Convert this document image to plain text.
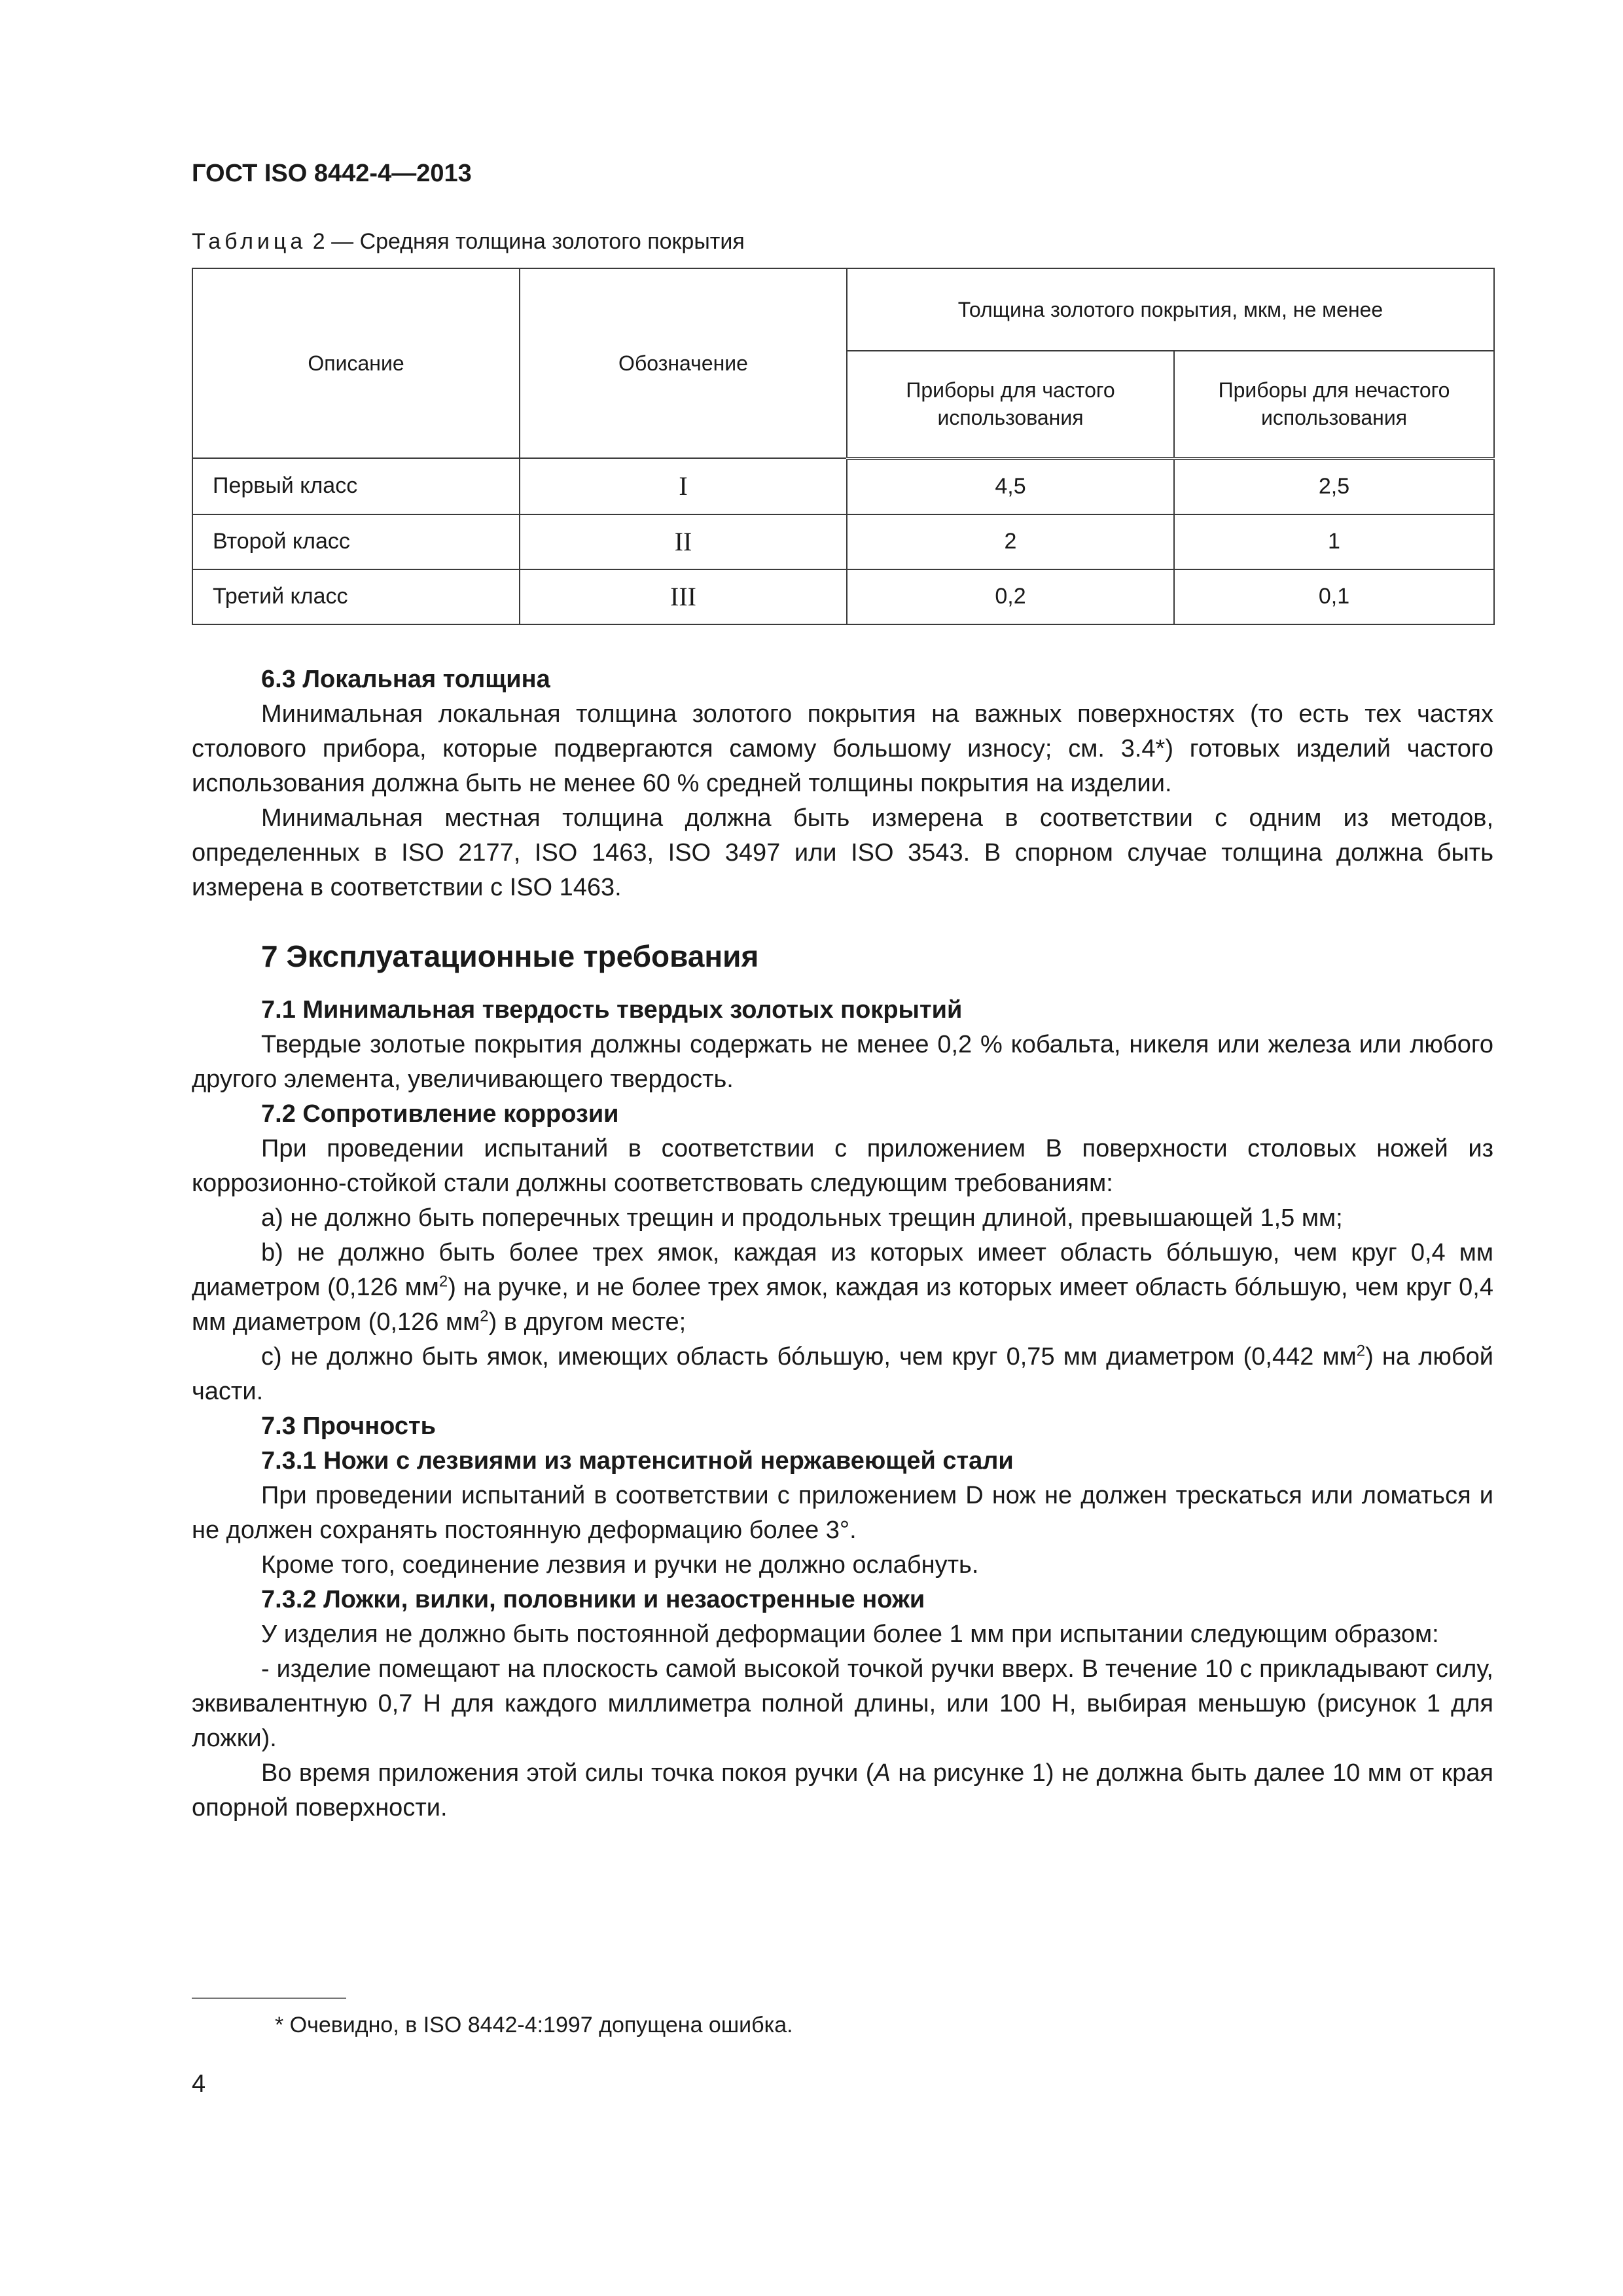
ГОСТ ISO 8442-4—2013
Таблица 2 — Средняя толщина золотого покрытия
Описание	Обозначение	Толщина золотого покрытия, мкм, не менее	
		Приборы для частого использования	Приборы для нечастого использования
Первый класс	I	4,5	2,5
Второй класс	II	2	1
Третий класс	III	0,2	0,1
6.3 Локальная толщина

Минимальная локальная толщина золотого покрытия на важных поверхностях (то есть тех частях столового прибора, которые подвергаются самому большому износу; см. 3.4*) готовых изделий частого использования должна быть не менее 60 % средней толщины покрытия на изделии.

Минимальная местная толщина должна быть измерена в соответствии с одним из методов, определенных в ISO 2177, ISO 1463, ISO 3497 или ISO 3543. В спорном случае толщина должна быть измерена в соответствии с ISO 1463.

7 Эксплуатационные требования
7.1 Минимальная твердость твердых золотых покрытий

Твердые золотые покрытия должны содержать не менее 0,2 % кобальта, никеля или железа или любого другого элемента, увеличивающего твердость.

7.2 Сопротивление коррозии

При проведении испытаний в соответствии с приложением В поверхности столовых ножей из коррозионно-стойкой стали должны соответствовать следующим требованиям:

а) не должно быть поперечных трещин и продольных трещин длиной, превышающей 1,5 мм;

b) не должно быть более трех ямок, каждая из которых имеет область бóльшую, чем круг 0,4 мм диаметром (0,126 $мм^2$) на ручке, и не более трех ямок, каждая из которых имеет область бóльшую, чем круг 0,4 мм диаметром (0,126 $мм^2$) в другом месте;

с) не должно быть ямок, имеющих область бóльшую, чем круг 0,75 мм диаметром (0,442 $мм^2$) на любой части.

7.3 Прочность
7.3.1 Ножи с лезвиями из мартенситной нержавеющей стали

При проведении испытаний в соответствии с приложением D нож не должен трескаться или ломаться и не должен сохранять постоянную деформацию более 3°.

Кроме того, соединение лезвия и ручки не должно ослабнуть.

7.3.2 Ложки, вилки, половники и незаостренные ножи

У изделия не должно быть постоянной деформации более 1 мм при испытании следующим образом:

- изделие помещают на плоскость самой высокой точкой ручки вверх. В течение 10 с прикладывают силу, эквивалентную 0,7 Н для каждого миллиметра полной длины, или 100 Н, выбирая меньшую (рисунок 1 для ложки).

Во время приложения этой силы точка покоя ручки (А на рисунке 1) не должна быть далее 10 мм от края опорной поверхности.

* Очевидно, в ISO 8442-4:1997 допущена ошибка.
4
